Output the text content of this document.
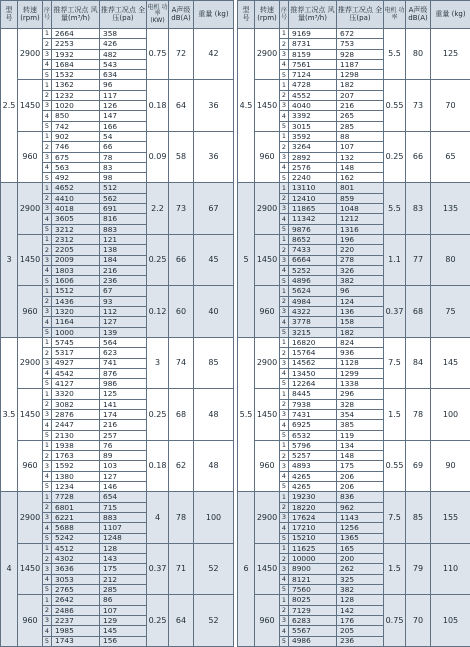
型 号	转速 (rpm)	序 号	推荐工况点 风量(m³/h)	推荐工况点 全压(pa)	电机 功率 (KW)	A声级 dB(A)	重量 (kg)
2.5	2900	1	2664	358	0.75	72	42
		2	2253	426			
		3	1932	482			
		4	1684	543			
		5	1532	634			
	1450	1	1362	96	0.18	64	36
		2	1232	117			
		3	1020	126			
		4	850	147			
		5	742	166			
	960	1	902	54	0.09	58	36
		2	746	66			
		3	675	78			
		4	563	83			
		5	492	98			
3	2900	1	4652	512	2.2	73	67
		2	4410	562			
		3	4018	691			
		4	3605	816			
		5	3212	883			
	1450	1	2312	121	0.25	66	45
		2	2205	138			
		3	2009	184			
		4	1803	216			
		5	1606	236			
	960	1	1512	67	0.12	60	40
		2	1436	93			
		3	1320	112			
		4	1164	127			
		5	1000	139			
3.5	2900	1	5745	564	3	74	85
		2	5317	623			
		3	4927	741			
		4	4542	876			
		5	4127	986			
	1450	1	3320	125	0.25	68	48
		2	3082	141			
		3	2876	174			
		4	2447	216			
		5	2130	257			
	960	1	1938	76	0.18	62	48
		2	1763	89			
		3	1592	103			
		4	1380	127			
		5	1234	146			
4	2900	1	7728	654	4	78	100
		2	6801	715			
		3	6221	883			
		4	5688	1107			
		5	5242	1248			
	1450	1	4512	128	0.37	71	52
		2	4302	143			
		3	3636	175			
		4	3053	212			
		5	2765	285			
	960	1	2642	86	0.25	64	52
		2	2486	107			
		3	2237	129			
		4	1985	145			
		5	1743	156			
型 号	转速 (rpm)	序 号	推荐工况点 风量(m³/h)	推荐工况点 全压(pa)	电机 功率	A声级 dB(A)	重量 (kg)
4.5	2900	1	9169	672	5.5	80	125
		2	8731	753			
		3	8159	928			
		4	7561	1187			
		5	7124	1298			
	1450	1	4728	182	0.55	73	70
		2	4552	207			
		3	4040	216			
		4	3392	265			
		5	3015	285			
	960	1	3592	88	0.25	66	65
		2	3264	107			
		3	2892	132			
		4	2576	148			
		5	2240	162			
5	2900	1	13110	801	5.5	83	135
		2	12410	859			
		3	11865	1048			
		4	11342	1212			
		5	9876	1316			
	1450	1	8652	196	1.1	77	80
		2	7433	220			
		3	6664	278			
		4	5252	326			
		5	4896	382			
	960	1	5624	96	0.37	68	75
		2	4984	124			
		3	4322	136			
		4	3778	158			
		5	3215	182			
5.5	2900	1	16820	824	7.5	84	145
		2	15764	936			
		3	14562	1128			
		4	13450	1299			
		5	12264	1338			
	1450	1	8445	296	1.5	78	100
		2	7938	328			
		3	7431	354			
		4	6925	385			
		5	6532	119			
	960	1	5796	134	0.55	69	90
		2	5257	148			
		3	4893	175			
		4	4265	206			
		5	4265	206			
6	2900	1	19230	836	7.5	85	155
		2	18220	962			
		3	17624	1143			
		4	17210	1256			
		5	15210	1365			
	1450	1	11625	165	1.5	79	110
		2	10000	200			
		3	8900	262			
		4	8121	325			
		5	7560	382			
	960	1	8025	128	0.75	70	105
		2	7129	142			
		3	6283	176			
		4	5567	205			
		5	4986	236			
